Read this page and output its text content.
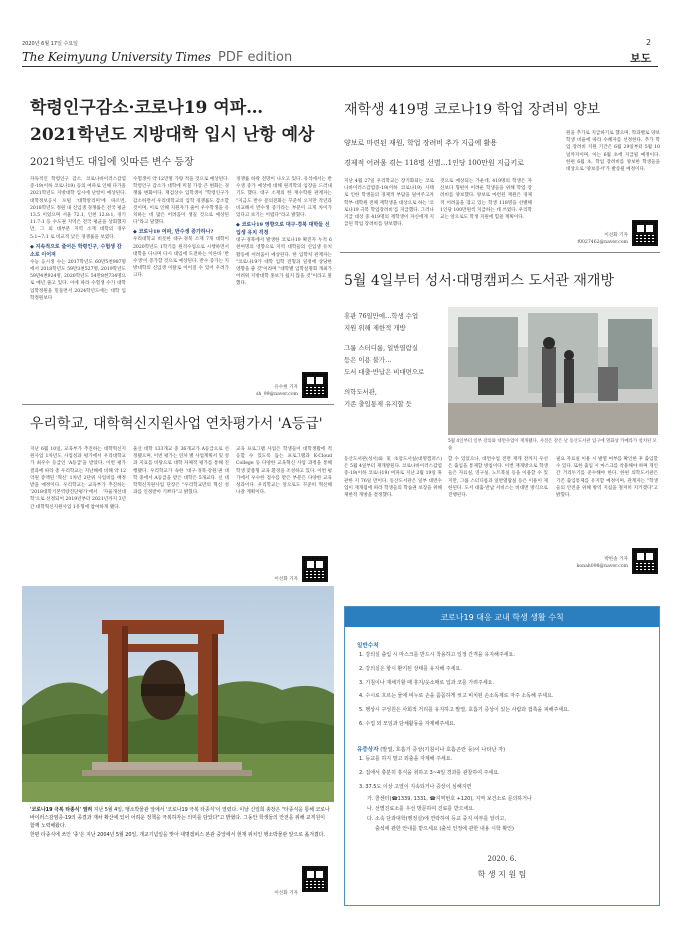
2020년 6월 17일 수요일
The Keimyung University Times PDF edition
2
보도
학령인구감소·코로나19 여파…
2021학년도 지방대학 입시 난항 예상
2021학년도 대입에 잇따른 변수 등장

자독적인 학령인구 감소, 코로나바이러스감염증-19(이하 코로나19) 등의 여파로 인해 다가올 2021학년도 지방대학 입시에 난항이 예상된다. 대학정보공시 포털 '대학알리미'에 따르면, 2018학년도 정원 내 신입생 경쟁률은 전국 평균 13.5 이었으며 서울 72.1, 인천 12.8:1, 경기 11.7:1 등 수도권 지역은 전국 평균을 상회했지만, 그 외 대부분 지역 소재 대학의 경우 5:1~7:1 로 비교적 낮은 경쟁률을 보였다.

◆ 지속적으로 줄어든 학령인구, 수험생 감소로 이어져

수능 응시생 수는 2017학년도 60만5천987명에서 2018학년도 59만3천527명, 2019학년도 59만4천924명, 2020학년도 54만8천734명으로 매년 줄고 있다. 이에 따라 수험생 수가 대학 입학정원을 밑돌면서 2024학년도에는 대학 입학정원보다

수험생이 약 12만명 가량 적을 것으로 예상된다. 학령인구 감소가 대학에 미칠 가장 큰 변화는 경쟁률 변화이다. 재검상수 입학생이 "학령인구가 감소하면서 우리대학교의 입학 경쟁률도 감소할 것이며, 이로 인해 지원자가 줄어 우수학생을 유치하는 데 많은 어려움이 생길 것으로 예상된다"라고 말했다.

◆ 코로나19 여파, 반수생 증가하나?

우리대학교 비롯한 대구·경북 소재 7개 대학이 2020학년도 1학기를 원격수업으로 시행하면서 대학을 다니며 다시 대입에 도전하는 이른바 '반수생'이 증가할 것으로 예상된다. 반수 증가는 지방대학의 신입생 이탈로 이어질 수 있어 우려가 크다.

경쟁률 하락 전망이 나오고 있다. 유석에서는 반수생 증가 예상에 대해 원격학의 입장을 드러내기도 했다. 대구 소재의 한 재수학원 관계자는 "지금도 반수 문의전화는 꾸준히 오지만 작년과 비교해서 반수생 증가라는 부분이 크게 차이가 있다고 보기는 어렵다"라고 밝혔다.

◆ 코로나19 영향으로 대구·경북 대학들 신입생 유치 걱정

대구·경북에서 발생한 코로나19 확진자 누적 6천여명의 영향으로 지역 대학들의 신입생 유치 활동에 어려움이 예상된다. 한 입학처 관계자는 "코로나19가 대학 입학 전형과 일정에 상당한 영향을 줄 것"이라며 "대학별 입학설명회 개최가 어려워 지방대학 홍보가 쉽지 않을 것"이라고 말했다.

유수현 기자
sh_99@naver.com
우리학교, 대학혁신지원사업 연차평가서 'A등급'

지난 6월 10일, 교육부가 추진하는 대학혁신지원사업 1차년도 사업성과 평가에서 우리대학교가 최우수 등급인 'A등급'을 받았다. 이번 평가 결과에 따라 총 우리학교는 지난해에 비해 약 12억원 증액된 '혁신' 1차년 2단위 사업비를 배정받을 예정이다. 우리학교는 교육부가 추진하는 '2018대학기본역량진단평가'에서 '자율개선대학'으로 선정되어 2019년부터 2021년까지 3년간 대학혁신지원사업 1유형에 참여하게 됐다.

울산 대학 133개교 중 36개교가 A등급으로 선정됐으며, 이번 평가는 연차 별 사업계획서 및 성과 지표를 바탕으로 대학 자체적 평가를 통해 진행됐다. 우리학교가 속한 '대구·경북·강원'권 대학 중에서 A등급을 받은 대학은 5개교다. 신 대학혁신지원사업 단장은 "우리학교만의 혁신 성과를 인정받아 기쁘다"고 밝혔다.

교육 프로그램 사업은 학생들이 대학생활에 적응할 수 있도록 돕는 프로그램과 K-Cloud College 등 다양한 교육혁신 사업 과정을 통해 학생 맞춤형 교육 환경을 조성하고 있다. 이번 평가에서 우수한 점수를 받은 부분은 다양한 교육 성과이다. 우리학교는 앞으로도 꾸준히 혁신해 나갈 계획이다.

이선화 기자
'코로나19 극복 타종식' 열려 지난 5월 4일, 행소박물관 앞에서 '코로나19 극복 타종식'이 열렸다. 이날 신일희 총장은 "타종식을 통해 코로나바이러스감염증-19의 종결과 재차 확산에 있어 어려운 정책을 극복하자는 의미를 담았다"고 밝혔다. 그동안 학생들의 안전을 위해 교직원이 함께 노력해왔다.
한편 타종식에 쓰인 '종'은 지난 2004년 5월 20일, 개교기념일을 맞아 대명캠퍼스 본관 중앙에서 현재 위치인 행소박물관 앞으로 옮겨졌다.
이선화 기자
재학생 419명 코로나19 학업 장려비 양보
양보로 마련된 재원, 학업 장려비 추가 지급에 활용
경제적 어려움 겪는 118명 선별…1인당 100만원 지급키로

지난 4월 27일 우리학교는 장기화되는 코로나바이러스감염증-19(이하 코로나19) 사태로 인한 학생들의 경제적 부담을 덜어주고자 학부·대학원 전체 재학생을 대상으로 하는 '코로나19 극복 학업장려비'를 지급했다. 그러나 지급 대상 중 419명의 재학생이 자신에게 지급된 학업 장려비를 양보했다.

것으로 예상되는 가운데, 419명의 학생은 자신보다 형편이 어려운 학생들을 위해 학업 장려비를 양보했다. 양보로 마련된 재원은 경제적 어려움을 겪고 있는 학생 118명을 선별해 1인당 100만원씩 지급하는 데 쓰였다. 우리학교는 앞으로도 학생 지원에 힘쓸 계획이다.

원을 추가로 지급하기로 했으며, 학과별로 양보 학생 비율에 따라 수혜자를 선정한다. 추가 학업 장려비 지원 기간은 6월 29일부터 5월 10일까지이며, 이는 6월 초에 지급될 예정이다. 한편 6월 초, 학업 장려비를 양보한 학생들을 대상으로 '양보증서'가 발송될 예정이다.

이선화 기자
f0027462@naver.com
5월 4일부터 성서·대명캠퍼스 도서관 재개방
휴관 76일만에…학생 수업
지원 위해 제한적 개방
그룹 스터디룸, 일반열람실
등은 이용 불가…
도서 대출·반납은 비대면으로
의학도서관,
기존 출입통제 유지할 듯
5월 4일부터 일부 강의와 대면수업이 재개됐다. 사진은 같은 날 동산도서관 입구에 열화상 카메라가 설치된 모습

동산도서관(성서)와 및 초암도서실(대명캠퍼스)은 5월 4일부터 재개방된다. 코로나바이러스감염증-19(이하 코로나19) 여파로 지난 2월 19일 휴관한 지 76일 만이다. 동산도서관은 일부 대면수업이 재개됨에 따라 학생들의 학습권 보장을 위해 제한적 개방을 결정했다.

할 수 있었으나, 대면수업 전면 재개 전까지 우선은 출입을 통제할 방침이다. 이번 재개방으로 학생들은 자료실, 연구실, 노트북실 등을 이용할 수 있지만, 그룹 스터디룸과 일반열람실 등은 이용이 제한된다. 도서 대출·반납 서비스는 비대면 방식으로 진행된다.

필요 자료실 이용 시 발열 여부를 확인한 후 출입할 수 있다. 또한 출입 시 마스크를 착용해야 하며 개인 간 거리두기를 준수해야 한다. 한편 의학도서관은 기존 출입통제를 유지할 예정이며, 관계자는 "학생들의 안전을 위해 방역 지침을 철저히 지키겠다"고 밝혔다.

박한솔 기자
konah098@naver.com
코로나19 대응 교내 학생 생활 수칙
일반수칙
1. 강의실 출입 시 마스크를 반드시 착용하고 일정 간격을 유지해주세요.
2. 강의실은 항시 환기된 상태를 유지해 주세요.
3. 기침이나 재채기할 때 휴지/옷소매로 입과 코를 가려주세요.
4. 수시로 흐르는 물에 비누로 손을 꼼꼼하게 씻고 비치된 손소독제로 자주 소독해 주세요.
5. 행상시 구성원은 사회적 거리를 유지하고 발열, 호흡기 증상이 있는 사람과 접촉을 피해주세요.
6. 수업 외 모임과 단체활동을 자제해주세요.
유증상자 (발열, 호흡기 증상(기침이나 호흡곤란 등)이 나타난 자)
1. 등교를 하지 말고 외출을 자제해 주세요.
2. 집에서 충분히 휴식을 취하고 3~4일 경과를 관찰하여 주세요.
3. 37.5도 이상 고열이 지속되거나 증상이 심해지면
가. 콜센터(☎1339, 1331, ☎지역번호 +120), 지역 보건소로 문의하거나
나. 선별진료소를 우선 방문하여 진료를 받으세요.
다. 소속 단과대학(행정실)에 연락하여 등교 중지 여부를 알리고,
출석에 관한 안내를 받으세요 (출석 인정에 관한 내용 시학 확인)
2020. 6.
학 생 지 원 팀
